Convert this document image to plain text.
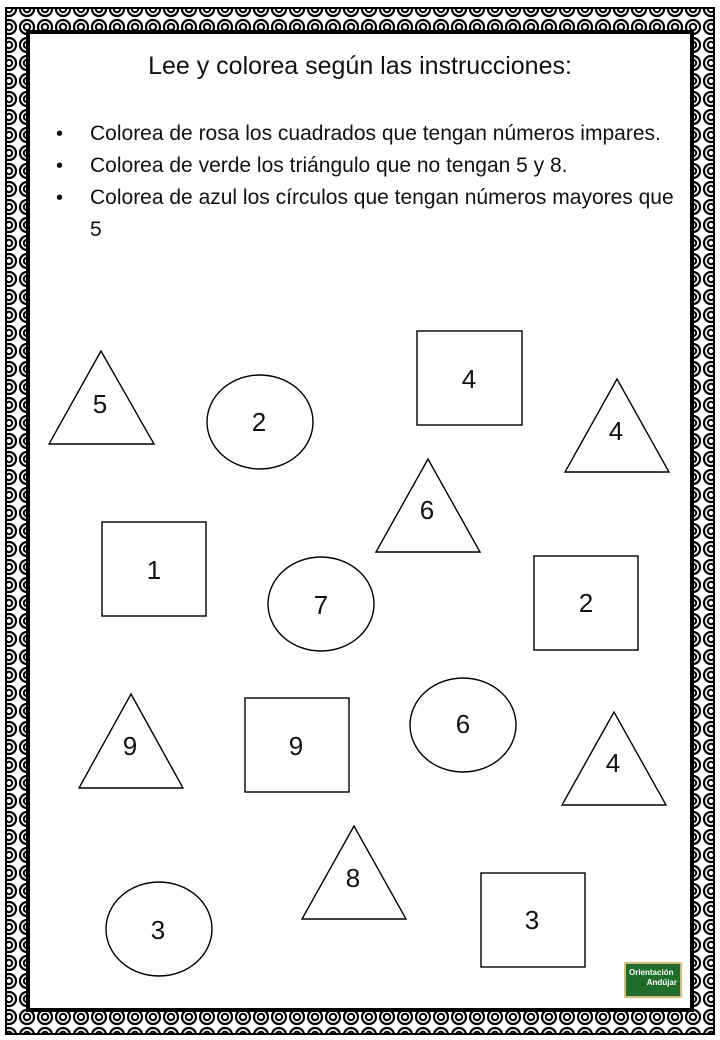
Lee y colorea según las instrucciones:
• Colorea de rosa los cuadrados que tengan números impares.
• Colorea de verde los triángulo que no tengan 5 y 8.
• Colorea de azul los círculos que tengan números mayores que 5
5
2
4
4
6
1
7	2
9	9
6
4
8
3	3
Orientación
Andújar
